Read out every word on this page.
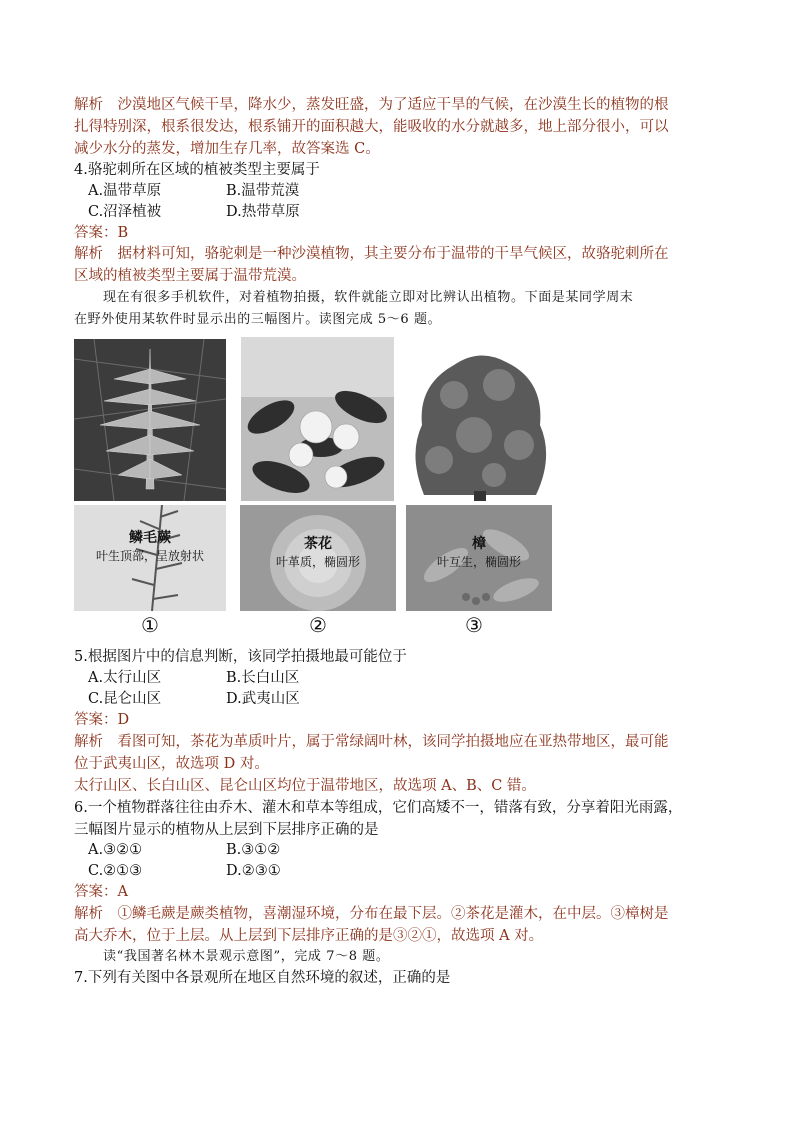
解析　沙漠地区气候干旱，降水少，蒸发旺盛，为了适应干旱的气候，在沙漠生长的植物的根
扎得特别深，根系很发达，根系铺开的面积越大，能吸收的水分就越多，地上部分很小，可以
减少水分的蒸发，增加生存几率，故答案选 C。
4.骆驼刺所在区域的植被类型主要属于
A.温带草原	B.温带荒漠
C.沼泽植被	D.热带草原
答案：B
解析　据材料可知，骆驼刺是一种沙漠植物，其主要分布于温带的干旱气候区，故骆驼刺所在
区域的植被类型主要属于温带荒漠。
现在有很多手机软件，对着植物拍摄，软件就能立即对比辨认出植物。下面是某同学周末
在野外使用某软件时显示出的三幅图片。读图完成 5～6 题。
鳞毛蕨
叶生顶部，呈放射状
茶花
叶革质，椭圆形
樟
叶互生，椭圆形
①	②	③
5.根据图片中的信息判断，该同学拍摄地最可能位于
A.太行山区	B.长白山区
C.昆仑山区	D.武夷山区
答案：D
解析　看图可知，茶花为革质叶片，属于常绿阔叶林，该同学拍摄地应在亚热带地区，最可能
位于武夷山区，故选项 D 对。
太行山区、长白山区、昆仑山区均位于温带地区，故选项 A、B、C 错。
6.一个植物群落往往由乔木、灌木和草本等组成，它们高矮不一，错落有致，分享着阳光雨露，
三幅图片显示的植物从上层到下层排序正确的是
A.③②①	B.③①②
C.②①③	D.②③①
答案：A
解析　①鳞毛蕨是蕨类植物，喜潮湿环境，分布在最下层。②茶花是灌木，在中层。③樟树是
高大乔木，位于上层。从上层到下层排序正确的是③②①，故选项 A 对。
读“我国著名林木景观示意图”，完成 7～8 题。
7.下列有关图中各景观所在地区自然环境的叙述，正确的是
